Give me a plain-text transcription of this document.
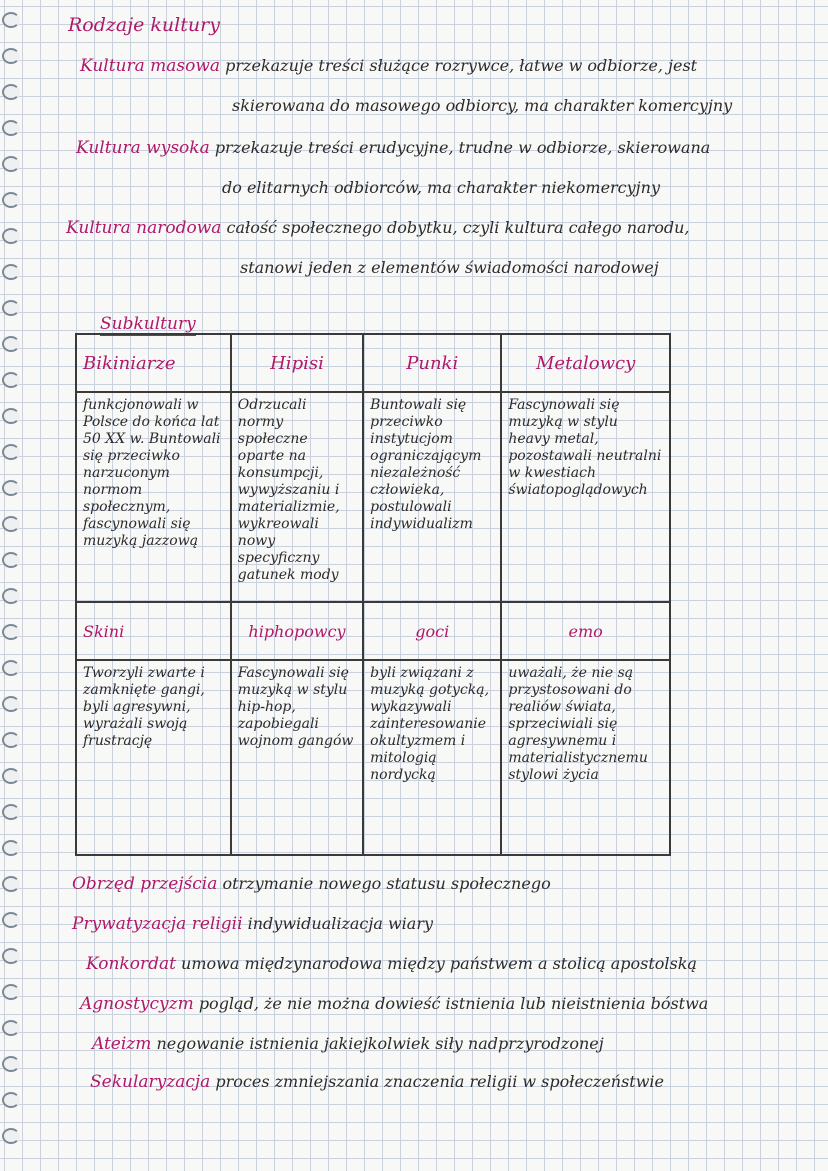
Rodzaje kultury
Kultura masowa przekazuje treści służące rozrywce, łatwe w odbiorze, jest
skierowana do masowego odbiorcy, ma charakter komercyjny
Kultura wysoka przekazuje treści erudycyjne, trudne w odbiorze, skierowana
do elitarnych odbiorców, ma charakter niekomercyjny
Kultura narodowa całość społecznego dobytku, czyli kultura całego narodu,
stanowi jeden z elementów świadomości narodowej
Subkultury
Bikiniarze	Hipisi	Punki	Metalowcy
funkcjonowali w Polsce do końca lat 50 XX w. Buntowali się przeciwko narzuconym normom społecznym, fascynowali się muzyką jazzową	Odrzucali normy społeczne oparte na konsumpcji, wywyższaniu i materializmie, wykreowali nowy specyficzny gatunek mody	Buntowali się przeciwko instytucjom ograniczającym niezależność człowieka, postulowali indywidualizm	Fascynowali się muzyką w stylu heavy metal, pozostawali neutralni w kwestiach światopoglądowych
Skini	hiphopowcy	goci	emo
Tworzyli zwarte i zamknięte gangi, byli agresywni, wyrażali swoją frustrację	Fascynowali się muzyką w stylu hip-hop, zapobiegali wojnom gangów	byli związani z muzyką gotycką, wykazywali zainteresowanie okultyzmem i mitologią nordycką	uważali, że nie są przystosowani do realiów świata, sprzeciwiali się agresywnemu i materialistycznemu stylowi życia
Obrzęd przejścia otrzymanie nowego statusu społecznego
Prywatyzacja religii indywidualizacja wiary
Konkordat umowa międzynarodowa między państwem a stolicą apostolską
Agnostycyzm pogląd, że nie można dowieść istnienia lub nieistnienia bóstwa
Ateizm negowanie istnienia jakiejkolwiek siły nadprzyrodzonej
Sekularyzacja proces zmniejszania znaczenia religii w społeczeństwie
